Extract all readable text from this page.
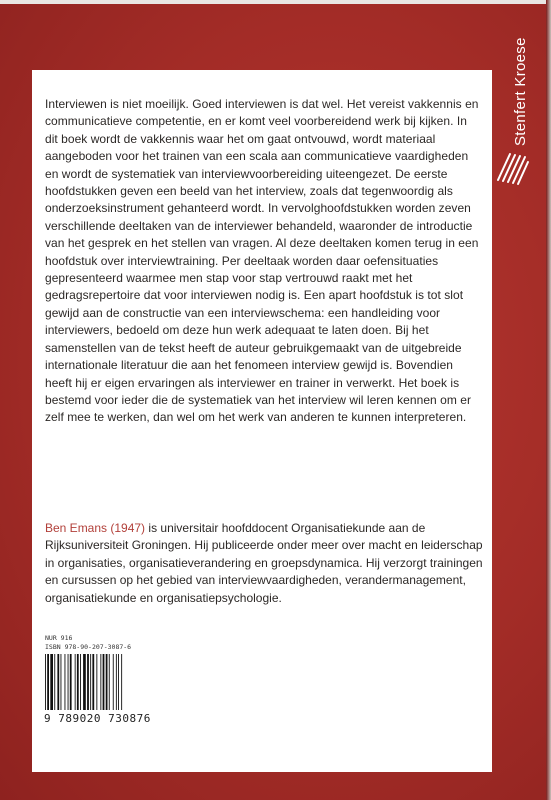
Interviewen is niet moeilijk. Goed interviewen is dat wel. Het vereist vakkennis en communicatieve competentie, en er komt veel voorbereidend werk bij kijken. In dit boek wordt de vakkennis waar het om gaat ontvouwd, wordt materiaal aangeboden voor het trainen van een scala aan communicatieve vaardigheden en wordt de systematiek van interviewvoorbereiding uiteengezet. De eerste hoofdstukken geven een beeld van het interview, zoals dat tegenwoordig als onderzoeksinstrument gehanteerd wordt. In vervolghoofdstukken worden zeven verschillende deeltaken van de interviewer behandeld, waaronder de introductie van het gesprek en het stellen van vragen. Al deze deeltaken komen terug in een hoofdstuk over interviewtraining. Per deeltaak worden daar oefensituaties gepresenteerd waarmee men stap voor stap vertrouwd raakt met het gedragsrepertoire dat voor interviewen nodig is. Een apart hoofdstuk is tot slot gewijd aan de constructie van een interviewschema: een handleiding voor interviewers, bedoeld om deze hun werk adequaat te laten doen. Bij het samenstellen van de tekst heeft de auteur gebruikgemaakt van de uitgebreide internationale literatuur die aan het fenomeen interview gewijd is. Bovendien heeft hij er eigen ervaringen als interviewer en trainer in verwerkt. Het boek is bestemd voor ieder die de systematiek van het interview wil leren kennen om er zelf mee te werken, dan wel om het werk van anderen te kunnen interpreteren.

Ben Emans (1947) is universitair hoofddocent Organisatiekunde aan de Rijksuniversiteit Groningen. Hij publiceerde onder meer over macht en leiderschap in organisaties, organisatieverandering en groepsdynamica. Hij verzorgt trainingen en cursussen op het gebied van interviewvaardigheden, verandermanagement, organisatiekunde en organisatiepsychologie.

NUR 916

ISBN 978-90-207-3087-6

9 789020 730876

Stenfert Kroese
